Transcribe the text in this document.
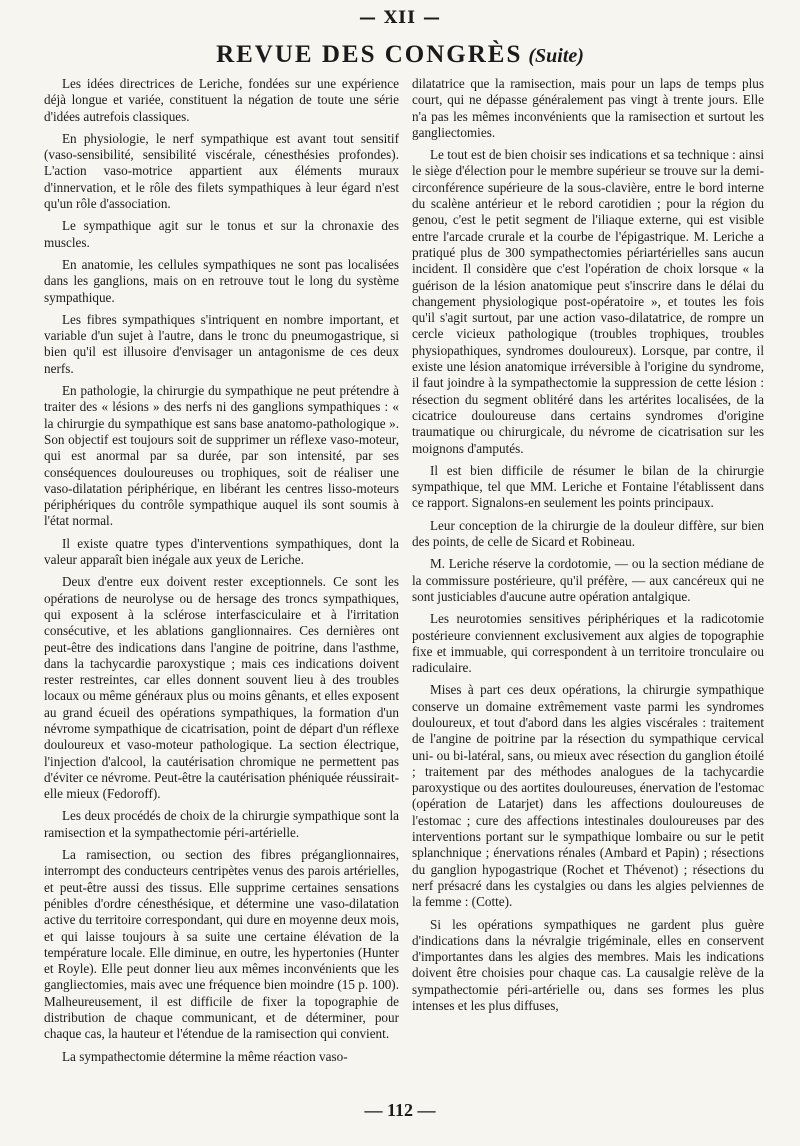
— XII —
REVUE DES CONGRÈS (Suite)

Les idées directrices de Leriche, fondées sur une expérience déjà longue et variée, constituent la négation de toute une série d'idées autrefois classiques.

En physiologie, le nerf sympathique est avant tout sensitif (vaso-sensibilité, sensibilité viscérale, cénesthésies profondes). L'action vaso-motrice appartient aux éléments muraux d'innervation, et le rôle des filets sympathiques à leur égard n'est qu'un rôle d'association.

Le sympathique agit sur le tonus et sur la chronaxie des muscles.

En anatomie, les cellules sympathiques ne sont pas localisées dans les ganglions, mais on en retrouve tout le long du système sympathique.

Les fibres sympathiques s'intriquent en nombre important, et variable d'un sujet à l'autre, dans le tronc du pneumogastrique, si bien qu'il est illusoire d'envisager un antagonisme de ces deux nerfs.

En pathologie, la chirurgie du sympathique ne peut prétendre à traiter des « lésions » des nerfs ni des ganglions sympathiques : « la chirurgie du sympathique est sans base anatomo-pathologique ». Son objectif est toujours soit de supprimer un réflexe vaso-moteur, qui est anormal par sa durée, par son intensité, par ses conséquences douloureuses ou trophiques, soit de réaliser une vaso-dilatation périphérique, en libérant les centres lisso-moteurs périphériques du contrôle sympathique auquel ils sont soumis à l'état normal.

Il existe quatre types d'interventions sympathiques, dont la valeur apparaît bien inégale aux yeux de Leriche.

Deux d'entre eux doivent rester exceptionnels. Ce sont les opérations de neurolyse ou de hersage des troncs sympathiques, qui exposent à la sclérose interfasciculaire et à l'irritation consécutive, et les ablations ganglionnaires. Ces dernières ont peut-être des indications dans l'angine de poitrine, dans l'asthme, dans la tachycardie paroxystique ; mais ces indications doivent rester restreintes, car elles donnent souvent lieu à des troubles locaux ou même généraux plus ou moins gênants, et elles exposent au grand écueil des opérations sympathiques, la formation d'un névrome sympathique de cicatrisation, point de départ d'un réflexe douloureux et vaso-moteur pathologique. La section électrique, l'injection d'alcool, la cautérisation chromique ne permettent pas d'éviter ce névrome. Peut-être la cautérisation phéniquée réussirait-elle mieux (Fedoroff).

Les deux procédés de choix de la chirurgie sympathique sont la ramisection et la sympathectomie péri-artérielle.

La ramisection, ou section des fibres préganglionnaires, interrompt des conducteurs centripètes venus des parois artérielles, et peut-être aussi des tissus. Elle supprime certaines sensations pénibles d'ordre cénesthésique, et détermine une vaso-dilatation active du territoire correspondant, qui dure en moyenne deux mois, et qui laisse toujours à sa suite une certaine élévation de la température locale. Elle diminue, en outre, les hypertonies (Hunter et Royle). Elle peut donner lieu aux mêmes inconvénients que les gangliectomies, mais avec une fréquence bien moindre (15 p. 100). Malheureusement, il est difficile de fixer la topographie de distribution de chaque communicant, et de déterminer, pour chaque cas, la hauteur et l'étendue de la ramisection qui convient.

La sympathectomie détermine la même réaction vaso-

dilatatrice que la ramisection, mais pour un laps de temps plus court, qui ne dépasse généralement pas vingt à trente jours. Elle n'a pas les mêmes inconvénients que la ramisection et surtout les gangliectomies.

Le tout est de bien choisir ses indications et sa technique : ainsi le siège d'élection pour le membre supérieur se trouve sur la demi-circonférence supérieure de la sous-clavière, entre le bord interne du scalène antérieur et le rebord carotidien ; pour la région du genou, c'est le petit segment de l'iliaque externe, qui est visible entre l'arcade crurale et la courbe de l'épigastrique. M. Leriche a pratiqué plus de 300 sympathectomies périartérielles sans aucun incident. Il considère que c'est l'opération de choix lorsque « la guérison de la lésion anatomique peut s'inscrire dans le délai du changement physiologique post-opératoire », et toutes les fois qu'il s'agit surtout, par une action vaso-dilatatrice, de rompre un cercle vicieux pathologique (troubles trophiques, troubles physiopathiques, syndromes douloureux). Lorsque, par contre, il existe une lésion anatomique irréversible à l'origine du syndrome, il faut joindre à la sympathectomie la suppression de cette lésion : résection du segment oblitéré dans les artérites localisées, de la cicatrice douloureuse dans certains syndromes d'origine traumatique ou chirurgicale, du névrome de cicatrisation sur les moignons d'amputés.

Il est bien difficile de résumer le bilan de la chirurgie sympathique, tel que MM. Leriche et Fontaine l'établissent dans ce rapport. Signalons-en seulement les points principaux.

Leur conception de la chirurgie de la douleur diffère, sur bien des points, de celle de Sicard et Robineau.

M. Leriche réserve la cordotomie, — ou la section médiane de la commissure postérieure, qu'il préfère, — aux cancéreux qui ne sont justiciables d'aucune autre opération antalgique.

Les neurotomies sensitives périphériques et la radicotomie postérieure conviennent exclusivement aux algies de topographie fixe et immuable, qui correspondent à un territoire tronculaire ou radiculaire.

Mises à part ces deux opérations, la chirurgie sympathique conserve un domaine extrêmement vaste parmi les syndromes douloureux, et tout d'abord dans les algies viscérales : traitement de l'angine de poitrine par la résection du sympathique cervical uni- ou bi-latéral, sans, ou mieux avec résection du ganglion étoilé ; traitement par des méthodes analogues de la tachycardie paroxystique ou des aortites douloureuses, énervation de l'estomac (opération de Latarjet) dans les affections douloureuses de l'estomac ; cure des affections intestinales douloureuses par des interventions portant sur le sympathique lombaire ou sur le petit splanchnique ; énervations rénales (Ambard et Papin) ; résections du ganglion hypogastrique (Rochet et Thévenot) ; résections du nerf présacré dans les cystalgies ou dans les algies pelviennes de la femme : (Cotte).

Si les opérations sympathiques ne gardent plus guère d'indications dans la névralgie trigéminale, elles en conservent d'importantes dans les algies des membres. Mais les indications doivent être choisies pour chaque cas. La causalgie relève de la sympathectomie péri-artérielle ou, dans ses formes les plus intenses et les plus diffuses,

— 112 —
